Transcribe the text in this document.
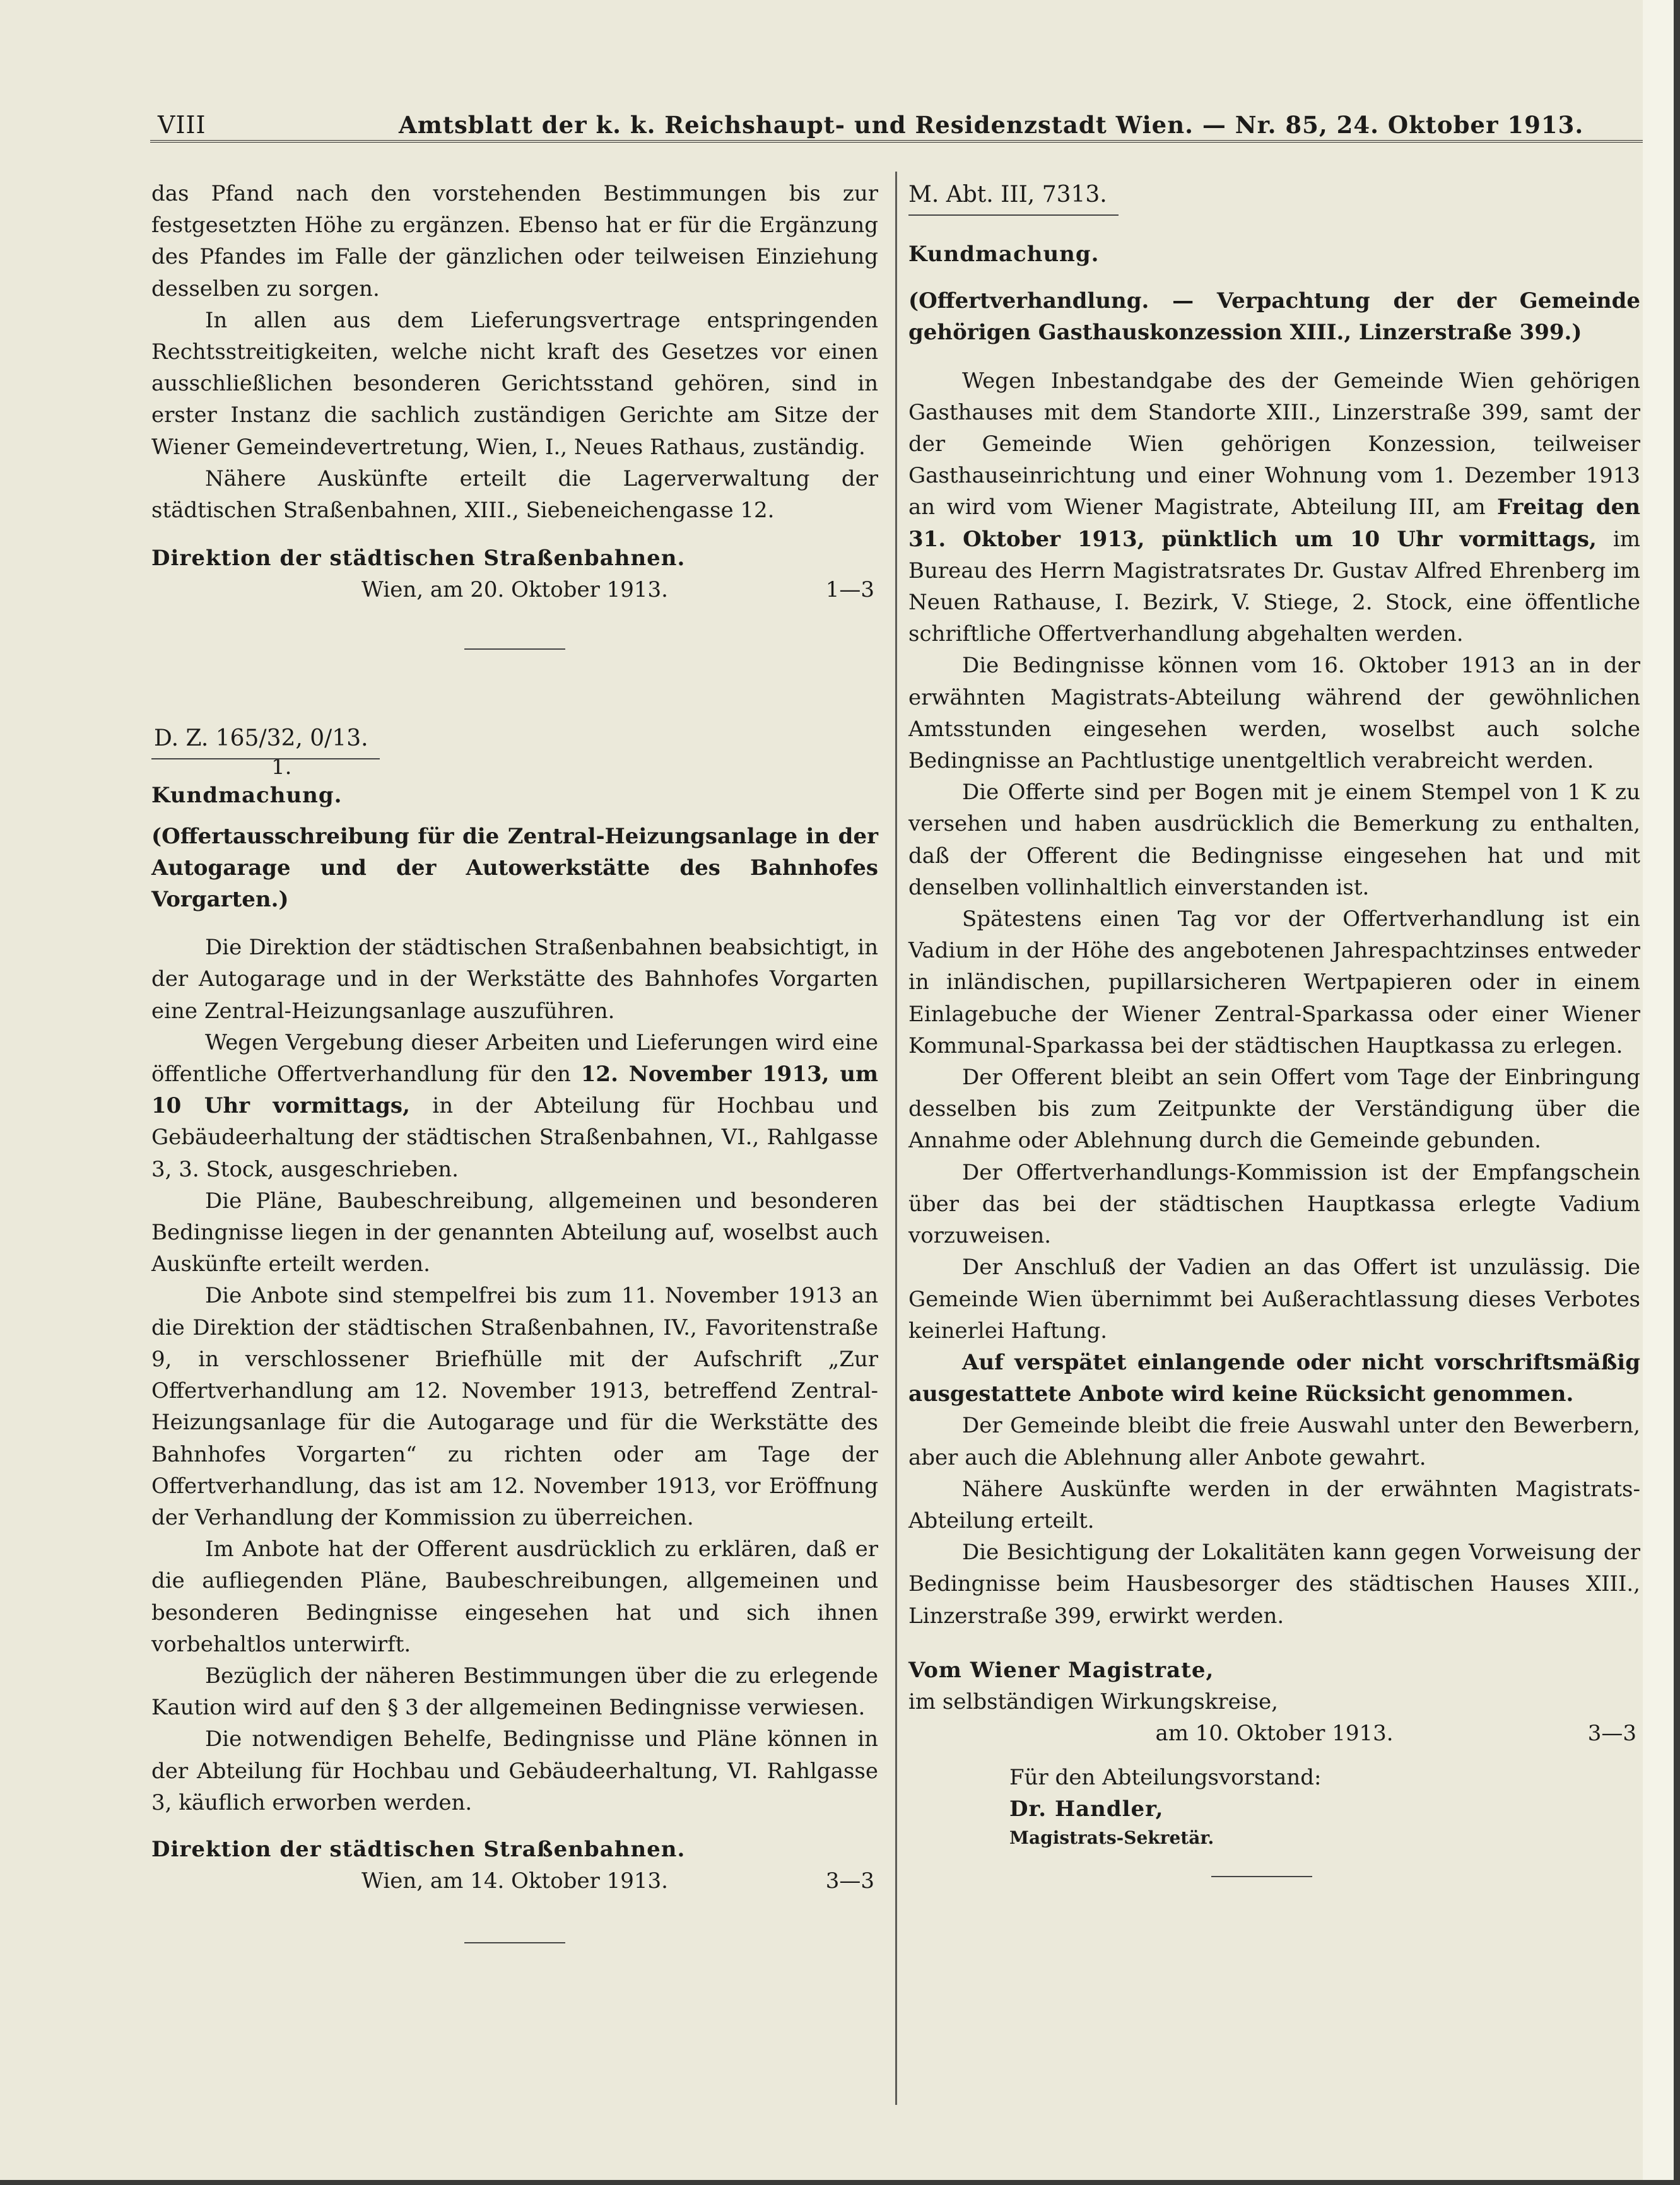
VIII	Amtsblatt der k. k. Reichshaupt- und Residenzstadt Wien. — Nr. 85, 24. Oktober 1913.

das Pfand nach den vorstehenden Bestimmungen bis zur festgesetzten Höhe zu ergänzen. Ebenso hat er für die Ergänzung des Pfandes im Falle der gänzlichen oder teilweisen Einziehung desselben zu sorgen.

In allen aus dem Lieferungsvertrage entspringenden Rechtsstreitigkeiten, welche nicht kraft des Gesetzes vor einen ausschließlichen besonderen Gerichtsstand gehören, sind in erster Instanz die sachlich zuständigen Gerichte am Sitze der Wiener Gemeindevertretung, Wien, I., Neues Rathaus, zuständig.

Nähere Auskünfte erteilt die Lagerverwaltung der städtischen Straßenbahnen, XIII., Siebeneichengasse 12.

Direktion der städtischen Straßenbahnen.

Wien, am 20. Oktober 1913.	1—3
D. Z. 165/32, 0/13.
1.

Kundmachung.

(Offertausschreibung für die Zentral-Heizungsanlage in der Autogarage und der Autowerkstätte des Bahnhofes Vorgarten.)

Die Direktion der städtischen Straßenbahnen beabsichtigt, in der Autogarage und in der Werkstätte des Bahnhofes Vorgarten eine Zentral-Heizungsanlage auszuführen.

Wegen Vergebung dieser Arbeiten und Lieferungen wird eine öffentliche Offertverhandlung für den 12. November 1913, um 10 Uhr vormittags, in der Abteilung für Hochbau und Gebäudeerhaltung der städtischen Straßenbahnen, VI., Rahlgasse 3, 3. Stock, ausgeschrieben.

Die Pläne, Baubeschreibung, allgemeinen und besonderen Bedingnisse liegen in der genannten Abteilung auf, woselbst auch Auskünfte erteilt werden.

Die Anbote sind stempelfrei bis zum 11. November 1913 an die Direktion der städtischen Straßenbahnen, IV., Favoritenstraße 9, in verschlossener Briefhülle mit der Aufschrift „Zur Offertverhandlung am 12. November 1913, betreffend Zentral-Heizungsanlage für die Autogarage und für die Werkstätte des Bahnhofes Vorgarten“ zu richten oder am Tage der Offertverhandlung, das ist am 12. November 1913, vor Eröffnung der Verhandlung der Kommission zu überreichen.

Im Anbote hat der Offerent ausdrücklich zu erklären, daß er die aufliegenden Pläne, Baubeschreibungen, allgemeinen und besonderen Bedingnisse eingesehen hat und sich ihnen vorbehaltlos unterwirft.

Bezüglich der näheren Bestimmungen über die zu erlegende Kaution wird auf den § 3 der allgemeinen Bedingnisse verwiesen.

Die notwendigen Behelfe, Bedingnisse und Pläne können in der Abteilung für Hochbau und Gebäudeerhaltung, VI. Rahlgasse 3, käuflich erworben werden.

Direktion der städtischen Straßenbahnen.

Wien, am 14. Oktober 1913.	3—3
M. Abt. III, 7313.

Kundmachung.

(Offertverhandlung. — Verpachtung der der Gemeinde gehörigen Gasthauskonzession XIII., Linzerstraße 399.)

Wegen Inbestandgabe des der Gemeinde Wien gehörigen Gasthauses mit dem Standorte XIII., Linzerstraße 399, samt der der Gemeinde Wien gehörigen Konzession, teilweiser Gasthauseinrichtung und einer Wohnung vom 1. Dezember 1913 an wird vom Wiener Magistrate, Abteilung III, am Freitag den 31. Oktober 1913, pünktlich um 10 Uhr vormittags, im Bureau des Herrn Magistratsrates Dr. Gustav Alfred Ehrenberg im Neuen Rathause, I. Bezirk, V. Stiege, 2. Stock, eine öffentliche schriftliche Offertverhandlung abgehalten werden.

Die Bedingnisse können vom 16. Oktober 1913 an in der erwähnten Magistrats-Abteilung während der gewöhnlichen Amtsstunden eingesehen werden, woselbst auch solche Bedingnisse an Pachtlustige unentgeltlich verabreicht werden.

Die Offerte sind per Bogen mit je einem Stempel von 1 K zu versehen und haben ausdrücklich die Bemerkung zu enthalten, daß der Offerent die Bedingnisse eingesehen hat und mit denselben vollinhaltlich einverstanden ist.

Spätestens einen Tag vor der Offertverhandlung ist ein Vadium in der Höhe des angebotenen Jahrespachtzinses entweder in inländischen, pupillarsicheren Wertpapieren oder in einem Einlagebuche der Wiener Zentral-Sparkassa oder einer Wiener Kommunal-Sparkassa bei der städtischen Hauptkassa zu erlegen.

Der Offerent bleibt an sein Offert vom Tage der Einbringung desselben bis zum Zeitpunkte der Verständigung über die Annahme oder Ablehnung durch die Gemeinde gebunden.

Der Offertverhandlungs-Kommission ist der Empfangschein über das bei der städtischen Hauptkassa erlegte Vadium vorzuweisen.

Der Anschluß der Vadien an das Offert ist unzulässig. Die Gemeinde Wien übernimmt bei Außerachtlassung dieses Verbotes keinerlei Haftung.

Auf verspätet einlangende oder nicht vorschriftsmäßig ausgestattete Anbote wird keine Rücksicht genommen.

Der Gemeinde bleibt die freie Auswahl unter den Bewerbern, aber auch die Ablehnung aller Anbote gewahrt.

Nähere Auskünfte werden in der erwähnten Magistrats-Abteilung erteilt.

Die Besichtigung der Lokalitäten kann gegen Vorweisung der Bedingnisse beim Hausbesorger des städtischen Hauses XIII., Linzerstraße 399, erwirkt werden.

Vom Wiener Magistrate,

im selbständigen Wirkungskreise,

am 10. Oktober 1913.	3—3

Für den Abteilungsvorstand:

Dr. Handler,

Magistrats-Sekretär.
